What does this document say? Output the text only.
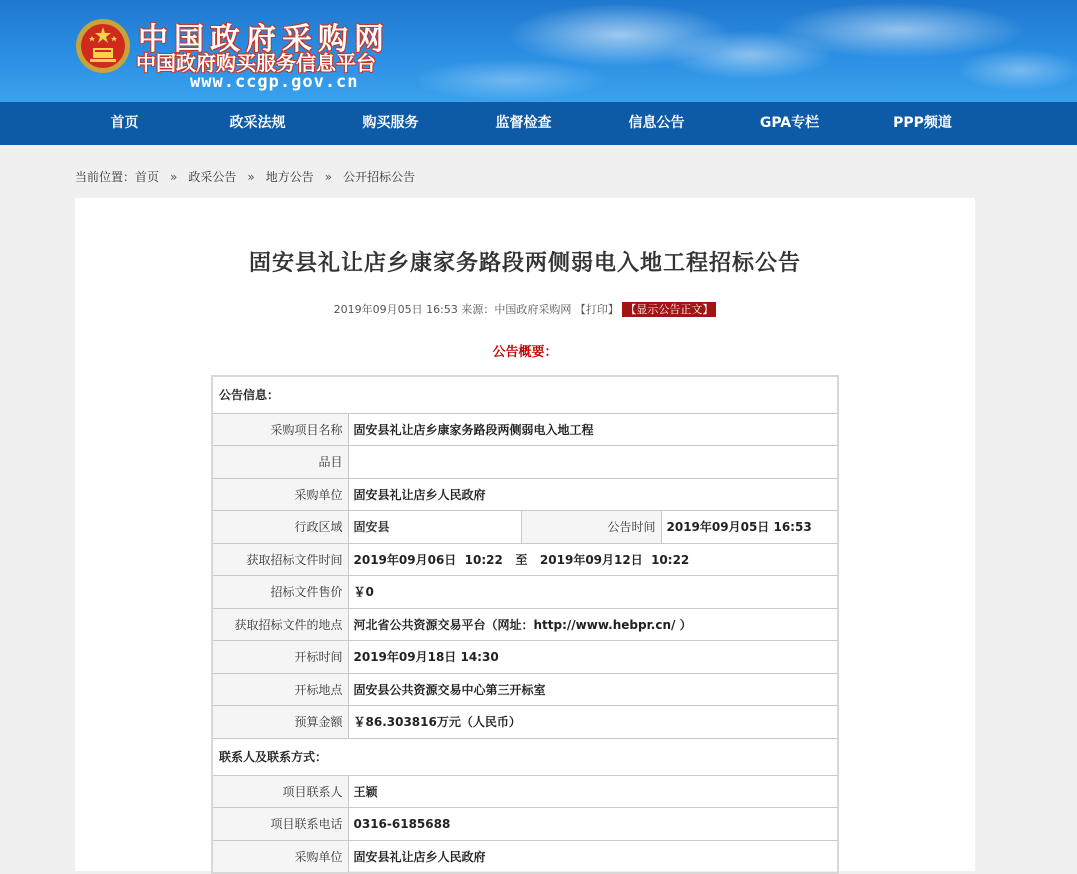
中国政府采购网
中国政府购买服务信息平台
www.ccgp.gov.cn
首页	政采法规	购买服务	监督检查	信息公告	GPA专栏	PPP频道
当前位置：首页 » 政采公告 » 地方公告 » 公开招标公告
固安县礼让店乡康家务路段两侧弱电入地工程招标公告
2019年09月05日 16:53 来源：中国政府采购网 【打印】 【显示公告正文】
公告概要：
公告信息：			
采购项目名称	固安县礼让店乡康家务路段两侧弱电入地工程		
品目			
采购单位	固安县礼让店乡人民政府		
行政区域	固安县	公告时间	2019年09月05日 16:53
获取招标文件时间	2019年09月06日  10:22   至   2019年09月12日  10:22		
招标文件售价	￥0		
获取招标文件的地点	河北省公共资源交易平台（网址：http://www.hebpr.cn/ ）		
开标时间	2019年09月18日 14:30		
开标地点	固安县公共资源交易中心第三开标室		
预算金额	￥86.303816万元（人民币）		
联系人及联系方式：			
项目联系人	王颖		
项目联系电话	0316-6185688		
采购单位	固安县礼让店乡人民政府		
